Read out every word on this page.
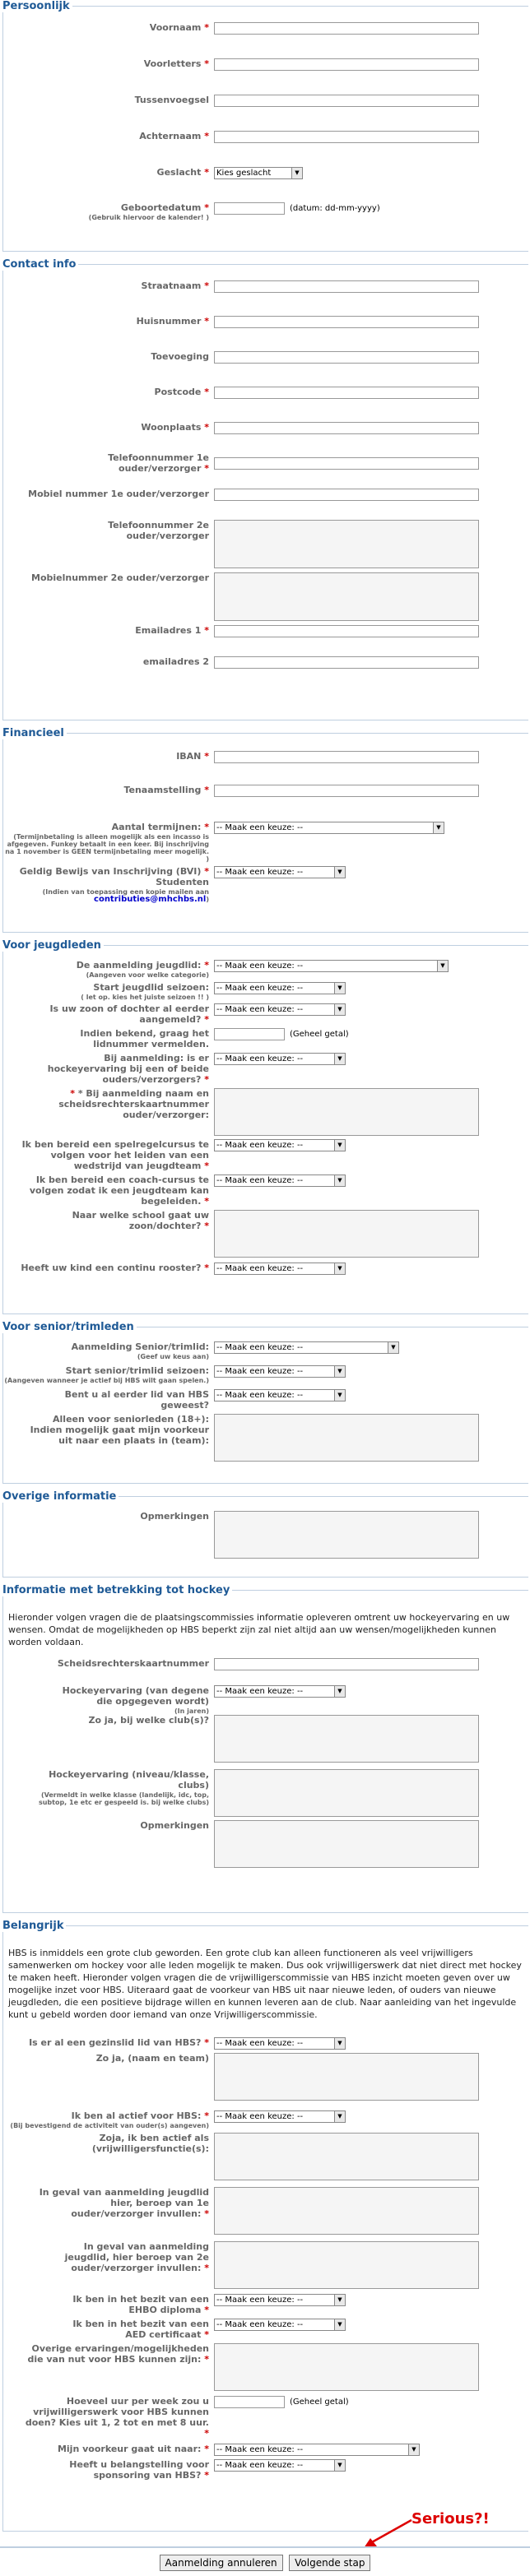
Persoonlijk
Voornaam *
Voorletters *
Tussenvoegsel
Achternaam *
Geslacht * Kies geslacht	▼
Geboortedatum *
(Gebruik hiervoor de kalender! )
(datum: dd-mm-yyyy)
Contact info
Straatnaam *
Huisnummer *
Toevoeging
Postcode *
Woonplaats *
Telefoonnummer 1e ouder/verzorger *
Mobiel nummer 1e ouder/verzorger
Telefoonnummer 2e ouder/verzorger
Mobielnummer 2e ouder/verzorger
Emailadres 1 *
emailadres 2
Financieel
IBAN *
Tenaamstelling *
Aantal termijnen: *
(Termijnbetaling is alleen mogelijk als een incasso is afgegeven. Funkey betaalt in een keer. Bij inschrijving na 1 november is GEEN termijnbetaling meer mogelijk. )
-- Maak een keuze: --	▼
Geldig Bewijs van Inschrijving (BVI) * Studenten
(Indien van toepassing een kopie mailen aan contributies@mhchbs.nl)
-- Maak een keuze: --	▼
Voor jeugdleden
De aanmelding jeugdlid: *
(Aangeven voor welke categorie)
-- Maak een keuze: --	▼
Start jeugdlid seizoen:
( let op. kies het juiste seizoen !! )
-- Maak een keuze: --	▼
Is uw zoon of dochter al eerder aangemeld? *
-- Maak een keuze: --	▼
Indien bekend, graag het lidnummer vermelden.
(Geheel getal)
Bij aanmelding: is er hockeyervaring bij een of beide ouders/verzorgers? *
-- Maak een keuze: --	▼
* * Bij aanmelding naam en scheidsrechterskaartnummer ouder/verzorger:
Ik ben bereid een spelregelcursus te volgen voor het leiden van een wedstrijd van jeugdteam *
-- Maak een keuze: --	▼
Ik ben bereid een coach-cursus te volgen zodat ik een jeugdteam kan begeleiden. *
-- Maak een keuze: --	▼
Naar welke school gaat uw zoon/dochter? *
Heeft uw kind een continu rooster? * -- Maak een keuze: --	▼
Voor senior/trimleden
Aanmelding Senior/trimlid:
(Geef uw keus aan)
-- Maak een keuze: --	▼
Start senior/trimlid seizoen:
(Aangeven wanneer je actief bij HBS wilt gaan spelen.)
-- Maak een keuze: --	▼
Bent u al eerder lid van HBS geweest?
-- Maak een keuze: --	▼
Alleen voor seniorleden (18+): Indien mogelijk gaat mijn voorkeur uit naar een plaats in (team):
Overige informatie
Opmerkingen
Informatie met betrekking tot hockey
Hieronder volgen vragen die de plaatsingscommissies informatie opleveren omtrent uw hockeyervaring en uw wensen. Omdat de mogelijkheden op HBS beperkt zijn zal niet altijd aan uw wensen/mogelijkheden kunnen worden voldaan.
Scheidsrechterskaartnummer
Hockeyervaring (van degene die opgegeven wordt)
(In jaren)
-- Maak een keuze: --	▼
Zo ja, bij welke club(s)?
Hockeyervaring (niveau/klasse, clubs)
(Vermeldt in welke klasse (landelijk, idc, top, subtop, 1e etc er gespeeld is. bij welke clubs)
Opmerkingen
Belangrijk
HBS is inmiddels een grote club geworden. Een grote club kan alleen functioneren als veel vrijwilligers samenwerken om hockey voor alle leden mogelijk te maken. Dus ook vrijwilligerswerk dat niet direct met hockey te maken heeft. Hieronder volgen vragen die de vrijwilligerscommissie van HBS inzicht moeten geven over uw mogelijke inzet voor HBS. Uiteraard gaat de voorkeur van HBS uit naar nieuwe leden, of ouders van nieuwe jeugdleden, die een positieve bijdrage willen en kunnen leveren aan de club. Naar aanleiding van het ingevulde kunt u gebeld worden door iemand van onze Vrijwilligerscommissie.
Is er al een gezinslid lid van HBS? * -- Maak een keuze: --	▼
Zo ja, (naam en team)
Ik ben al actief voor HBS: *
(Bij bevestigend de activiteit van ouder(s) aangeven)
-- Maak een keuze: --	▼
Zoja, ik ben actief als (vrijwilligersfunctie(s):
In geval van aanmelding jeugdlid hier, beroep van 1e ouder/verzorger invullen: *
In geval van aanmelding jeugdlid, hier beroep van 2e ouder/verzorger invullen: *
Ik ben in het bezit van een EHBO diploma *
-- Maak een keuze: --	▼
Ik ben in het bezit van een AED certificaat *
-- Maak een keuze: --	▼
Overige ervaringen/mogelijkheden die van nut voor HBS kunnen zijn: *
Hoeveel uur per week zou u vrijwilligerswerk voor HBS kunnen doen? Kies uit 1, 2 tot en met 8 uur. *
(Geheel getal)
Mijn voorkeur gaat uit naar: * -- Maak een keuze: --	▼
Heeft u belangstelling voor sponsoring van HBS? *
-- Maak een keuze: --	▼
Serious?!
Aanmelding annuleren Volgende stap
